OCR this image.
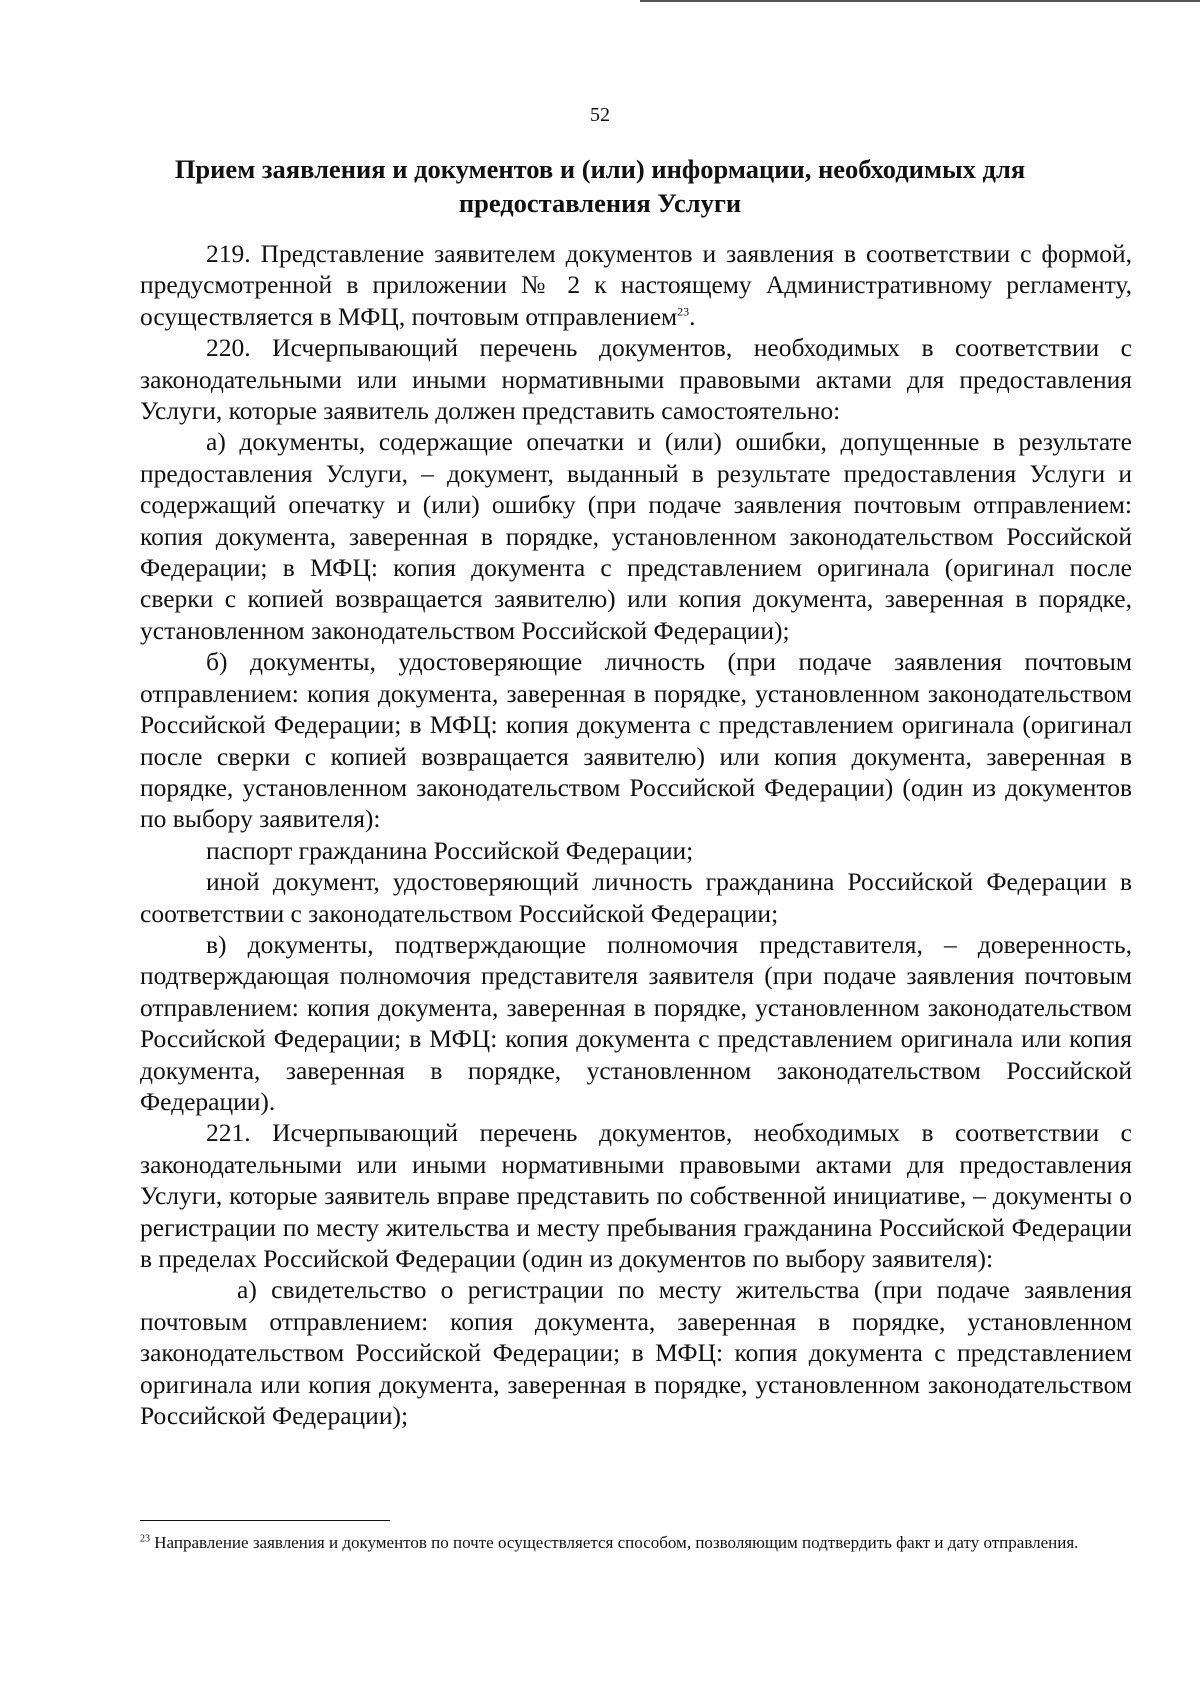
52
Прием заявления и документов и (или) информации, необходимых для предоставления Услуги

219. Представление заявителем документов и заявления в соответствии с формой, предусмотренной в приложении № 2 к настоящему Административному регламенту, осуществляется в МФЦ, почтовым отправлением$^{23}$.

220. Исчерпывающий перечень документов, необходимых в соответствии с законодательными или иными нормативными правовыми актами для предоставления Услуги, которые заявитель должен представить самостоятельно:

а) документы, содержащие опечатки и (или) ошибки, допущенные в результате предоставления Услуги, – документ, выданный в результате предоставления Услуги и содержащий опечатку и (или) ошибку (при подаче заявления почтовым отправлением: копия документа, заверенная в порядке, установленном законодательством Российской Федерации; в МФЦ: копия документа с представлением оригинала (оригинал после сверки с копией возвращается заявителю) или копия документа, заверенная в порядке, установленном законодательством Российской Федерации);

б) документы, удостоверяющие личность (при подаче заявления почтовым отправлением: копия документа, заверенная в порядке, установленном законодательством Российской Федерации; в МФЦ: копия документа с представлением оригинала (оригинал после сверки с копией возвращается заявителю) или копия документа, заверенная в порядке, установленном законодательством Российской Федерации) (один из документов по выбору заявителя):

паспорт гражданина Российской Федерации;

иной документ, удостоверяющий личность гражданина Российской Федерации в соответствии с законодательством Российской Федерации;

в) документы, подтверждающие полномочия представителя, – доверенность, подтверждающая полномочия представителя заявителя (при подаче заявления почтовым отправлением: копия документа, заверенная в порядке, установленном законодательством Российской Федерации; в МФЦ: копия документа с представлением оригинала или копия документа, заверенная в порядке, установленном законодательством Российской Федерации).

221. Исчерпывающий перечень документов, необходимых в соответствии с законодательными или иными нормативными правовыми актами для предоставления Услуги, которые заявитель вправе представить по собственной инициативе, – документы о регистрации по месту жительства и месту пребывания гражданина Российской Федерации в пределах Российской Федерации (один из документов по выбору заявителя):

а) свидетельство о регистрации по месту жительства (при подаче заявления почтовым отправлением: копия документа, заверенная в порядке, установленном законодательством Российской Федерации; в МФЦ: копия документа с представлением оригинала или копия документа, заверенная в порядке, установленном законодательством Российской Федерации);

$^{23}$ Направление заявления и документов по почте осуществляется способом, позволяющим подтвердить факт и дату отправления.
